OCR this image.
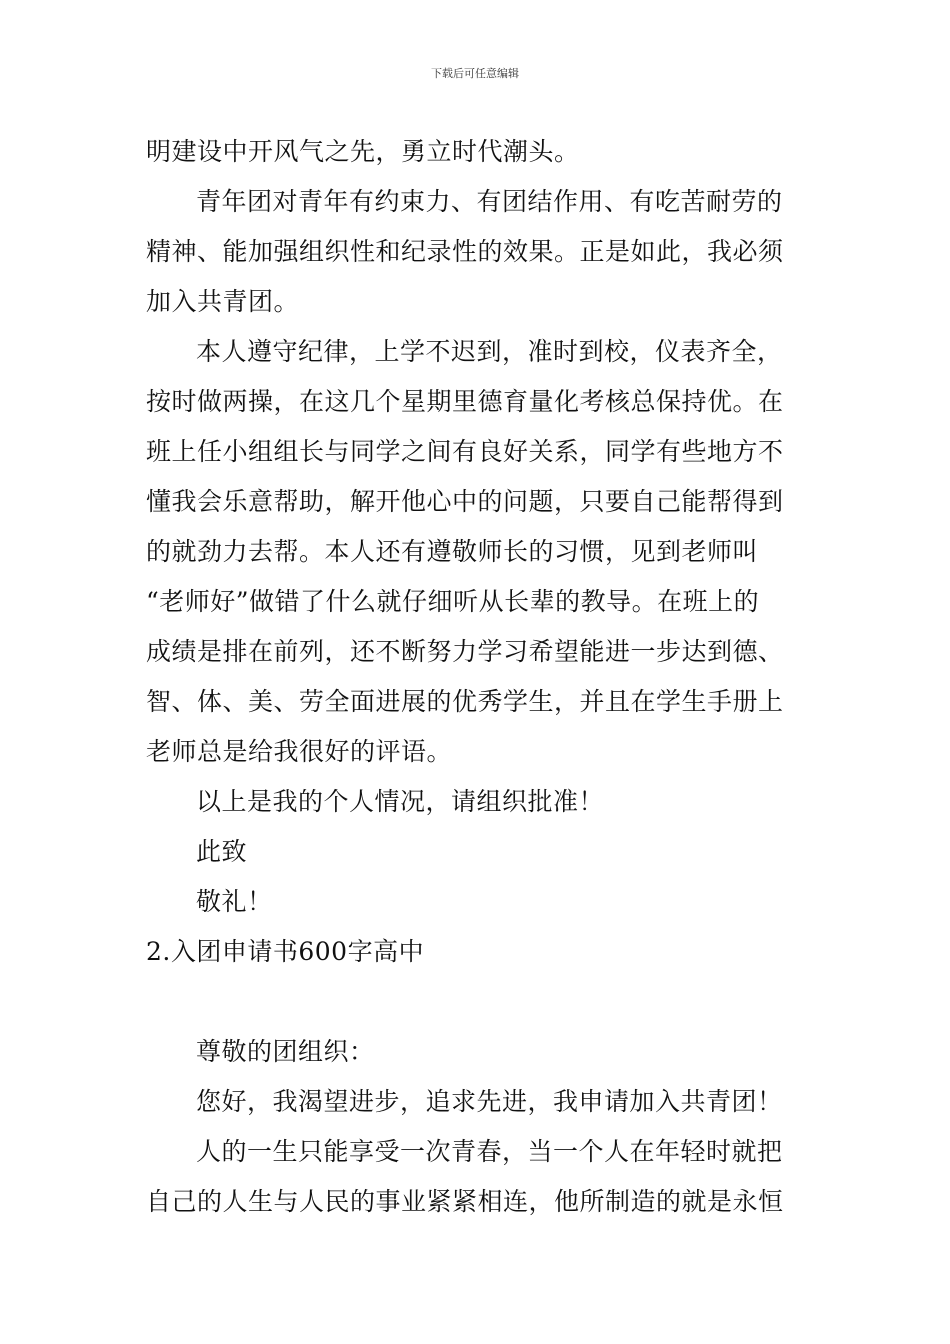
下载后可任意编辑
明建设中开风气之先，勇立时代潮头。
青年团对青年有约束力、有团结作用、有吃苦耐劳的
精神、能加强组织性和纪录性的效果。正是如此，我必须
加入共青团。
本人遵守纪律，上学不迟到，准时到校，仪表齐全，
按时做两操，在这几个星期里德育量化考核总保持优。在
班上任小组组长与同学之间有良好关系，同学有些地方不
懂我会乐意帮助，解开他心中的问题，只要自己能帮得到
的就劲力去帮。本人还有遵敬师长的习惯，见到老师叫
“老师好”做错了什么就仔细听从长辈的教导。在班上的
成绩是排在前列，还不断努力学习希望能进一步达到德、
智、体、美、劳全面进展的优秀学生，并且在学生手册上
老师总是给我很好的评语。
以上是我的个人情况，请组织批准！
此致
敬礼！
2.入团申请书600字高中
尊敬的团组织：
您好，我渴望进步，追求先进，我申请加入共青团！
人的一生只能享受一次青春，当一个人在年轻时就把
自己的人生与人民的事业紧紧相连，他所制造的就是永恒
